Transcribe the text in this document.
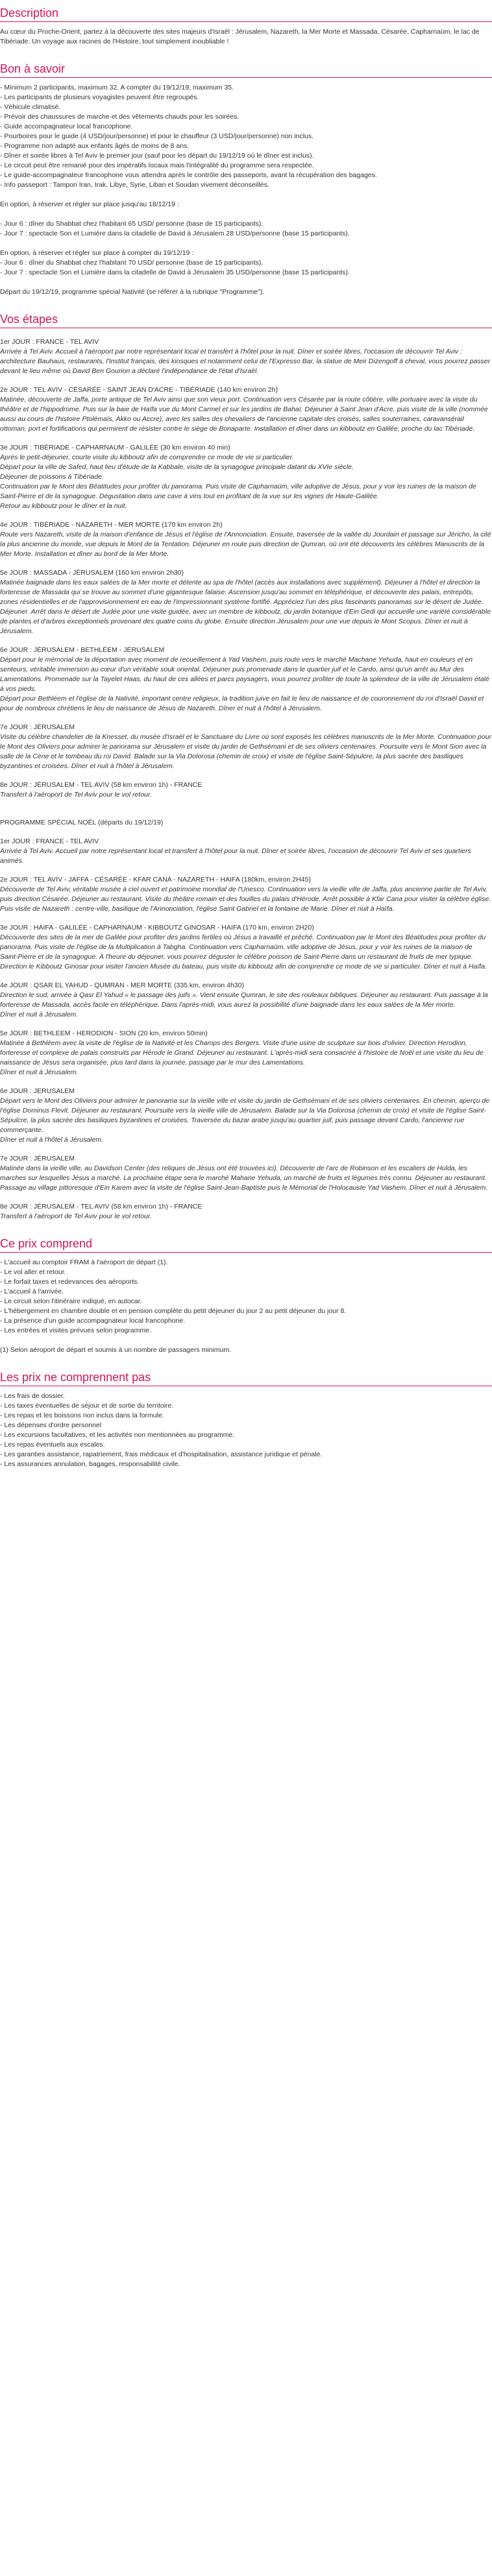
Description

Au cœur du Proche-Orient, partez à la découverte des sites majeurs d'Israël : Jérusalem, Nazareth, la Mer Morte et Massada, Césarée, Capharnaüm, le lac de Tibériade. Un voyage aux racines de l'Histoire, tout simplement inoubliable !

Bon à savoir
- Minimum 2 participants, maximum 32. A compter du 19/12/19, maximum 35.
- Les participants de plusieurs voyagistes peuvent être regroupés.
- Véhicule climatisé.
- Prévoir des chaussures de marche et des vêtements chauds pour les soirées.
- Guide accompagnateur local francophone.
- Pourboires pour le guide (4 USD/jour/personne) et pour le chauffeur (3 USD/jour/personne) non inclus.
- Programme non adapté aux enfants âgés de moins de 8 ans.
- Dîner et soirée libres à Tel Aviv le premier jour (sauf pour les départ du 19/12/19 où le dîner est inclus).
- Le circuit peut être remanié pour des impératifs locaux mais l'intégralité du programme sera respectée.
- Le guide-accompagnateur francophone vous attendra après le contrôle des passeports, avant la récupération des bagages.
- Info passeport : Tampon Iran, Irak, Libye, Syrie, Liban et Soudan vivement déconseillés.
En option, à réserver et régler sur place jusqu'au 18/12/19 :
- Jour 6 : dîner du Shabbat chez l'habitant 65 USD/ personne (base de 15 participants).
- Jour 7 : spectacle Son et Lumière dans la citadelle de David à Jérusalem 28 USD/personne (base 15 participants).
En option, à réserver et régler sur place à compter du 19/12/19 :
- Jour 6 : dîner du Shabbat chez l'habitant 70 USD/ personne (base de 15 participants).
- Jour 7 : spectacle Son et Lumière dans la citadelle de David à Jérusalem 35 USD/personne (base 15 participants).
Départ du 19/12/19, programme spécial Nativité (se référer à la rubrique "Programme").
Vos étapes
1er JOUR : FRANCE - TEL AVIV
Arrivée à Tel Aviv. Accueil à l'aéroport par notre représentant local et transfert à l'hôtel pour la nuit. Dîner et soirée libres, l'occasion de découvrir Tel Aviv : architecture Bauhaus, restaurants, l'Institut français, des kiosques et notamment celui de l'Expresso Bar, la statue de Meir Dizengoff à cheval, vous pourrez passer devant le lieu même où David Ben Gourion a déclaré l'indépendance de l'état d'Israël.
2e JOUR : TEL AVIV - CÉSARÉE - SAINT JEAN D'ACRE - TIBÉRIADE (140 km environ 2h)
Matinée, découverte de Jaffa, porte antique de Tel Aviv ainsi que son vieux port. Continuation vers Césarée par la route côtière, ville portuaire avec la visite du théâtre et de l'hippodrome. Puis sur la baie de Haïfa vue du Mont Carmel et sur les jardins de Bahaï. Déjeuner à Saint Jean d'Acre, puis visite de la ville (nommée aussi au cours de l'histoire Ptolémaïs, Akko ou Accre), avec les salles des chevaliers de l'ancienne capitale des croisés, salles souterraines, caravansérail ottoman, port et fortifications qui permirent de résister contre le siège de Bonaparte. Installation et dîner dans un kibboutz en Galilée, proche du lac Tibériade.
3e JOUR : TIBÉRIADE - CAPHARNAUM - GALILÉE (30 km environ 40 min)
Après le petit-déjeuner, courte visite du kibboutz afin de comprendre ce mode de vie si particulier.
Départ pour la ville de Safed, haut lieu d'étude de la Kabbale, visite de la synagogue principale datant du XVIe siècle.
Déjeuner de poissons à Tibériade.
Continuation par le Mont des Béatitudes pour profiter du panorama. Puis visite de Capharnaüm, ville adoptive de Jésus, pour y voir les ruines de la maison de Saint-Pierre et de la synagogue. Dégustation dans une cave à vins tout en profitant de la vue sur les vignes de Haute-Galilée.
Retour au kibboutz pour le dîner et la nuit.
4e JOUR : TIBÉRIADE - NAZARETH - MER MORTE (170 km environ 2h)
Route vers Nazareth, visite de la maison d'enfance de Jésus et l'église de l'Annonciation. Ensuite, traversée de la vallée du Jourdain et passage sur Jéricho, la cité la plus ancienne du monde, vue depuis le Mont de la Tentation. Déjeuner en route puis direction de Qumran, où ont été découverts les célèbres Manuscrits de la Mer Morte. Installation et dîner au bord de la Mer Morte.
5e JOUR : MASSADA - JÉRUSALEM (160 km environ 2h30)
Matinée baignade dans les eaux salées de la Mer morte et détente au spa de l'hôtel (accès aux installations avec supplément). Déjeuner à l'hôtel et direction la forteresse de Massada qui se trouve au sommet d'une gigantesque falaise. Ascension jusqu'au sommet en téléphérique, et découverte des palais, entrepôts, zones résidentielles et de l'approvisionnement en eau de l'impressionnant système fortifié. Appréciez l'un des plus fascinants panoramas sur le désert de Judée. Déjeuner. Arrêt dans le désert de Judée pour une visite guidée, avec un membre de kibboutz, du jardin botanique d'Ein Gedi qui accueille une variété considérable de plantes et d'arbres exceptionnels provenant des quatre coins du globe. Ensuite direction Jérusalem pour une vue depuis le Mont Scopus. Dîner et nuit à Jérusalem.
6e JOUR : JÉRUSALEM - BETHLÉEM - JÉRUSALEM
Départ pour le mémorial de la déportation avec moment de recueillement à Yad Vashem, puis route vers le marché Machane Yehuda, haut en couleurs et en senteurs, véritable immersion au cœur d'un véritable souk oriental. Déjeuner puis promenade dans le quartier juif et le Cardo, ainsi qu'un arrêt au Mur des Lamentations. Promenade sur la Tayelet Haas, du haut de ces allées et parcs paysagers, vous pourrez profiter de toute la splendeur de la ville de Jérusalem étalé à vos pieds.
Départ pour Bethléem et l'église de la Nativité, important centre religieux, la tradition juive en fait le lieu de naissance et de couronnement du roi d'Israël David et pour de nombreux chrétiens le lieu de naissance de Jésus de Nazareth. Dîner et nuit à l'hôtel à Jérusalem.
7e JOUR : JÉRUSALEM
Visite du célèbre chandelier de la Knesset, du musée d'Israël et le Sanctuaire du Livre où sont exposés les célèbres manuscrits de la Mer Morte. Continuation pour le Mont des Oliviers pour admirer le panorama sur Jérusalem et visite du jardin de Gethsémani et de ses oliviers centenaires. Poursuite vers le Mont Sion avec la salle de la Cène et le tombeau du roi David. Balade sur la Via Dolorosa (chemin de croix) et visite de l'église Saint-Sépulcre, la plus sacrée des basiliques byzantines et croisées. Dîner et nuit à l'hôtel à Jérusalem.
8e JOUR : JÉRUSALEM - TEL AVIV (58 km environ 1h) - FRANCE
Transfert à l'aéroport de Tel Aviv pour le vol retour.
PROGRAMME SPÉCIAL NOËL (départs du 19/12/19)
1er JOUR : FRANCE - TEL AVIV
Arrivée à Tel Aviv. Accueil par notre représentant local et transfert à l'hôtel pour la nuit. Dîner et soirée libres, l'occasion de découvrir Tel Aviv et ses quartiers animés.
2e JOUR : TEL AVIV - JAFFA - CÉSARÉE - KFAR CANA - NAZARETH - HAIFA (180km, environ 2H45)
Découverte de Tel Aviv, véritable musée à ciel ouvert et patrimoine mondial de l'Unesco. Continuation vers la vieille ville de Jaffa, plus ancienne partie de Tel Aviv, puis direction Césarée. Déjeuner au restaurant. Visite du théâtre romain et des fouilles du palais d'Hérode. Arrêt possible à Kfar Cana pour visiter la célèbre église. Puis visite de Nazareth : centre-ville, basilique de l'Annonciation, l'église Saint Gabriel et la fontaine de Marie. Dîner et nuit à Haïfa.
3e JOUR : HAIFA - GALILÉE - CAPHARNAUM - KIBBOUTZ GINOSAR - HAIFA (170 km, environ 2H20)
Découverte des sites de la mer de Galilée pour profiter des jardins fertiles où Jésus a travaillé et prêché. Continuation par le Mont des Béatitudes pour profiter du panorama. Puis visite de l'église de la Multiplication à Tabgha. Continuation vers Capharnaüm, ville adoptive de Jésus, pour y voir les ruines de la maison de Saint-Pierre et de la synagogue. À l'heure du déjeuner, vous pourrez déguster le célèbre poisson de Saint-Pierre dans un restaurant de fruits de mer typique. Direction le Kibboutz Ginosar pour visiter l'ancien Musée du bateau, puis visite du kibboutz afin de comprendre ce mode de vie si particulier. Dîner et nuit à Haïfa.
4e JOUR : QSAR EL YAHUD - QUMRAN - MER MORTE (335 km, environ 4h30)
Direction le sud, arrivée à Qasr El Yahud « le passage des juifs ». Vient ensuite Qumran, le site des rouleaux bibliques. Déjeuner au restaurant. Puis passage à la forteresse de Massada, accès facile en téléphérique. Dans l'après-midi, vous aurez la possibilité d'une baignade dans les eaux salées de la Mer morte.
Dîner et nuit à Jérusalem.
5e JOUR : BETHLEEM - HERODION - SION (20 km, environ 50min)
Matinée à Bethléem avec la visite de l'église de la Nativité et les Champs des Bergers. Visite d'une usine de sculpture sur bois d'olivier. Direction Herodion, forteresse et complexe de palais construits par Hérode le Grand. Déjeuner au restaurant. L'après-midi sera consacrée à l'histoire de Noël et une visite du lieu de naissance de Jésus sera organisée, plus tard dans la journée, passage par le mur des Lamentations.
Dîner et nuit à Jérusalem.
6e JOUR : JERUSALEM
Départ vers le Mont des Oliviers pour admirer le panorama sur la vieille ville et visite du jardin de Gethsémani et de ses oliviers centenaires. En chemin, aperçu de l'église Dominus Flevit. Déjeuner au restaurant. Poursuite vers la vieille ville de Jérusalem. Balade sur la Via Dolorosa (chemin de croix) et visite de l'église Saint-Sépulcre, la plus sacrée des basiliques byzantines et croisées. Traversée du bazar arabe jusqu'au quartier juif, puis passage devant Cardo, l'ancienne rue commerçante.
Dîner et nuit à l'hôtel à Jérusalem.
7e JOUR : JÉRUSALEM
Matinée dans la vieille ville, au Davidson Center (des reliques de Jésus ont été trouvées ici). Découverte de l'arc de Robinson et les escaliers de Hulda, les marches sur lesquelles Jésus a marché. La prochaine étape sera le marché Mahane Yehuda, un marché de fruits et légumes très connu. Déjeuner au restaurant. Passage au village pittoresque d'Ein Karem avec la visite de l'église Saint-Jean-Baptiste puis le Mémorial de l'Holocauste Yad Vashem. Dîner et nuit à Jérusalem.
8e JOUR : JÉRUSALEM - TEL AVIV (58 km environ 1h) - FRANCE
Transfert à l'aéroport de Tel Aviv pour le vol retour.
Ce prix comprend
- L'accueil au comptoir FRAM à l'aéroport de départ (1).
- Le vol aller et retour.
- Le forfait taxes et redevances des aéroports.
- L'accueil à l'arrivée.
- Le circuit selon l'itinéraire indiqué, en autocar.
- L'hébergement en chambre double et en pension complète du petit déjeuner du jour 2 au petit déjeuner du jour 8.
- La présence d'un guide accompagnateur local francophone.
- Les entrées et visites prévues selon programme.
(1) Selon aéroport de départ et soumis à un nombre de passagers minimum.
Les prix ne comprennent pas
- Les frais de dossier.
- Les taxes éventuelles de séjour et de sortie du territoire.
- Les repas et les boissons non inclus dans la formule.
- Les dépenses d'ordre personnel
- Les excursions facultatives, et les activités non mentionnées au programme.
- Les repas éventuels aux escales.
- Les garanties assistance, rapatriement, frais médicaux et d'hospitalisation, assistance juridique et pénale.
- Les assurances annulation, bagages, responsabilité civile.
